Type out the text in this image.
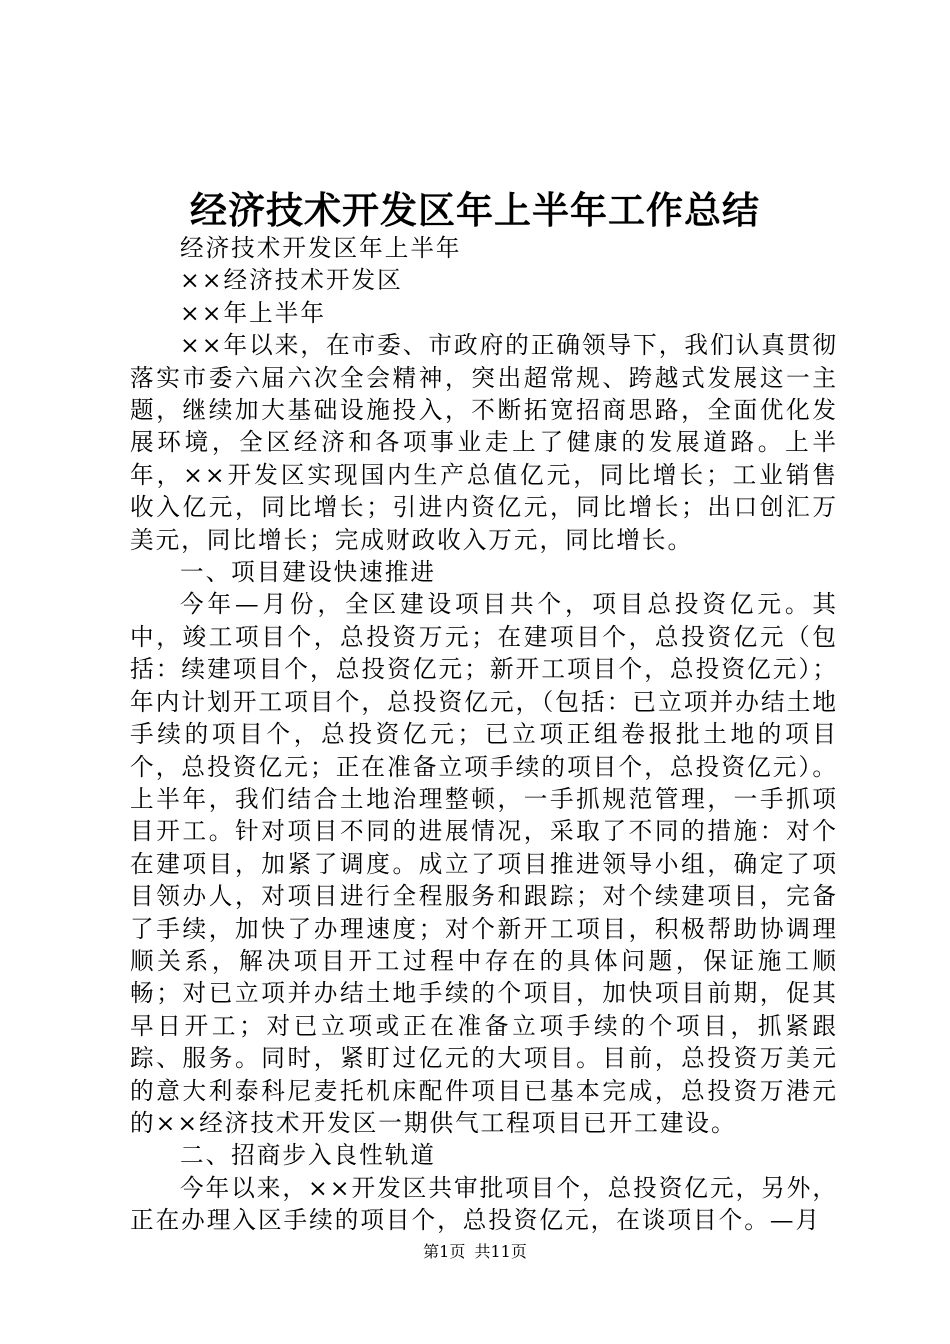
经济技术开发区年上半年工作总结

经济技术开发区年上半年

××经济技术开发区

××年上半年

××年以来，在市委、市政府的正确领导下，我们认真贯彻落实市委六届六次全会精神，突出超常规、跨越式发展这一主题，继续加大基础设施投入，不断拓宽招商思路，全面优化发展环境，全区经济和各项事业走上了健康的发展道路。上半年，××开发区实现国内生产总值亿元，同比增长；工业销售收入亿元，同比增长；引进内资亿元，同比增长；出口创汇万美元，同比增长；完成财政收入万元，同比增长。

一、项目建设快速推进

今年—月份，全区建设项目共个，项目总投资亿元。其中，竣工项目个，总投资万元；在建项目个，总投资亿元（包括：续建项目个，总投资亿元；新开工项目个，总投资亿元）；年内计划开工项目个，总投资亿元，（包括：已立项并办结土地手续的项目个，总投资亿元；已立项正组卷报批土地的项目个，总投资亿元；正在准备立项手续的项目个，总投资亿元）。上半年，我们结合土地治理整顿，一手抓规范管理，一手抓项目开工。针对项目不同的进展情况，采取了不同的措施：对个在建项目，加紧了调度。成立了项目推进领导小组，确定了项目领办人，对项目进行全程服务和跟踪；对个续建项目，完备了手续，加快了办理速度；对个新开工项目，积极帮助协调理顺关系，解决项目开工过程中存在的具体问题，保证施工顺畅；对已立项并办结土地手续的个项目，加快项目前期，促其早日开工；对已立项或正在准备立项手续的个项目，抓紧跟踪、服务。同时，紧盯过亿元的大项目。目前，总投资万美元的意大利泰科尼麦托机床配件项目已基本完成，总投资万港元的××经济技术开发区一期供气工程项目已开工建设。

二、招商步入良性轨道

今年以来，××开发区共审批项目个，总投资亿元，另外，正在办理入区手续的项目个，总投资亿元，在谈项目个。—月

第1页 共11页
